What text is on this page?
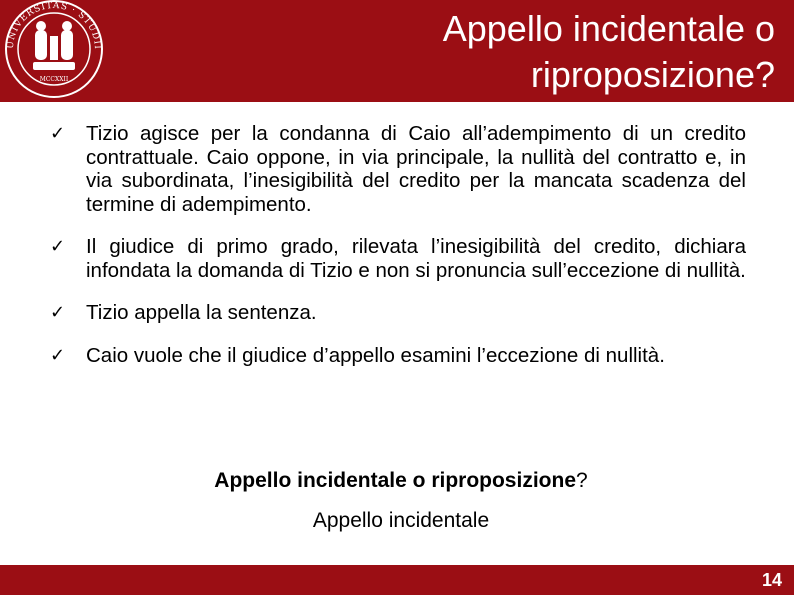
UNIVERSITAS · STUDII
MCCXXII
Appello incidentale o
riproposizione?
✓ Tizio agisce per la condanna di Caio all’adempimento di un credito contrattuale. Caio oppone, in via principale, la nullità del contratto e, in via subordinata, l’inesigibilità del credito per la mancata scadenza del termine di adempimento.
✓ Il giudice di primo grado, rilevata l’inesigibilità del credito, dichiara infondata la domanda di Tizio e non si pronuncia sull’eccezione di nullità.
✓ Tizio appella la sentenza.
✓ Caio vuole che il giudice d’appello esamini l’eccezione di nullità.
Appello incidentale o riproposizione?
Appello incidentale
14
